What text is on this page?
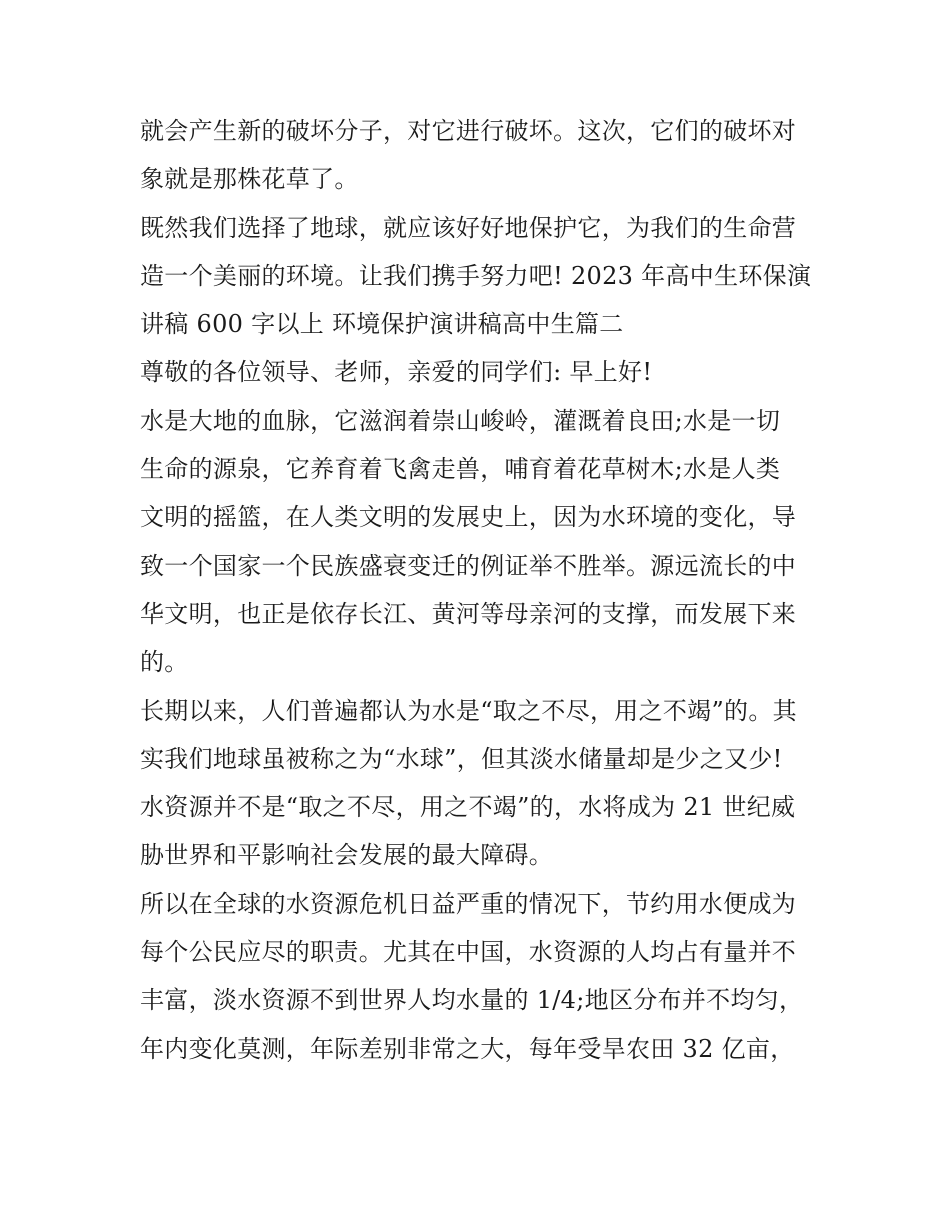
就会产生新的破坏分子，对它进行破坏。这次，它们的破坏对
象就是那株花草了。
既然我们选择了地球，就应该好好地保护它，为我们的生命营
造一个美丽的环境。让我们携手努力吧! 2023 年高中生环保演
讲稿 600 字以上 环境保护演讲稿高中生篇二
尊敬的各位领导、老师，亲爱的同学们: 早上好!
水是大地的血脉，它滋润着崇山峻岭，灌溉着良田;水是一切
生命的源泉，它养育着飞禽走兽，哺育着花草树木;水是人类
文明的摇篮，在人类文明的发展史上，因为水环境的变化，导
致一个国家一个民族盛衰变迁的例证举不胜举。源远流长的中
华文明，也正是依存长江、黄河等母亲河的支撑，而发展下来
的。
长期以来，人们普遍都认为水是“取之不尽，用之不竭”的。其
实我们地球虽被称之为“水球”，但其淡水储量却是少之又少!
水资源并不是“取之不尽，用之不竭”的，水将成为 21 世纪威
胁世界和平影响社会发展的最大障碍。
所以在全球的水资源危机日益严重的情况下，节约用水便成为
每个公民应尽的职责。尤其在中国，水资源的人均占有量并不
丰富，淡水资源不到世界人均水量的 1/4;地区分布并不均匀，
年内变化莫测，年际差别非常之大，每年受旱农田 32 亿亩，
